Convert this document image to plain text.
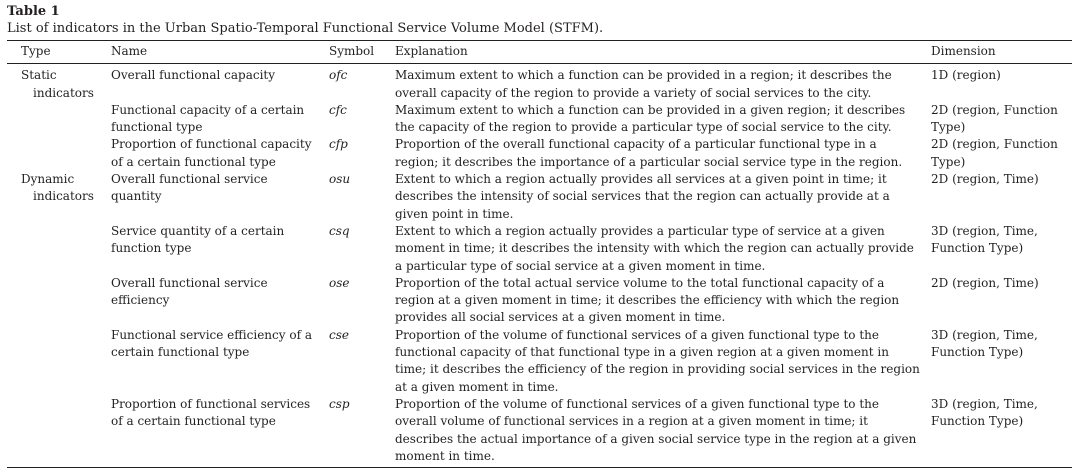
Table 1
List of indicators in the Urban Spatio-Temporal Functional Service Volume Model (STFM).
Type	Name	Symbol	Explanation	Dimension

Static
indicators	Overall functional capacity	ofc	Maximum extent to which a function can be provided in a region; it describes the overall capacity of the region to provide a variety of social services to the city.	1D (region)

	Functional capacity of a certain functional type	cfc	Maximum extent to which a function can be provided in a given region; it describes the capacity of the region to provide a particular type of social service to the city.	2D (region, Function Type)

	Proportion of functional capacity of a certain functional type	cfp	Proportion of the overall functional capacity of a particular functional type in a region; it describes the importance of a particular social service type in the region.	2D (region, Function Type)

Dynamic
indicators	Overall functional service quantity	osu	Extent to which a region actually provides all services at a given point in time; it describes the intensity of social services that the region can actually provide at a given point in time.	2D (region, Time)

	Service quantity of a certain function type	csq	Extent to which a region actually provides a particular type of service at a given moment in time; it describes the intensity with which the region can actually provide a particular type of social service at a given moment in time.	3D (region, Time, Function Type)

	Overall functional service efficiency	ose	Proportion of the total actual service volume to the total functional capacity of a region at a given moment in time; it describes the efficiency with which the region provides all social services at a given moment in time.	2D (region, Time)

	Functional service efficiency of a certain functional type	cse	Proportion of the volume of functional services of a given functional type to the functional capacity of that functional type in a given region at a given moment in time; it describes the efficiency of the region in providing social services in the region at a given moment in time.	3D (region, Time, Function Type)

	Proportion of functional services of a certain functional type	csp	Proportion of the volume of functional services of a given functional type to the overall volume of functional services in a region at a given moment in time; it describes the actual importance of a given social service type in the region at a given moment in time.	3D (region, Time, Function Type)
